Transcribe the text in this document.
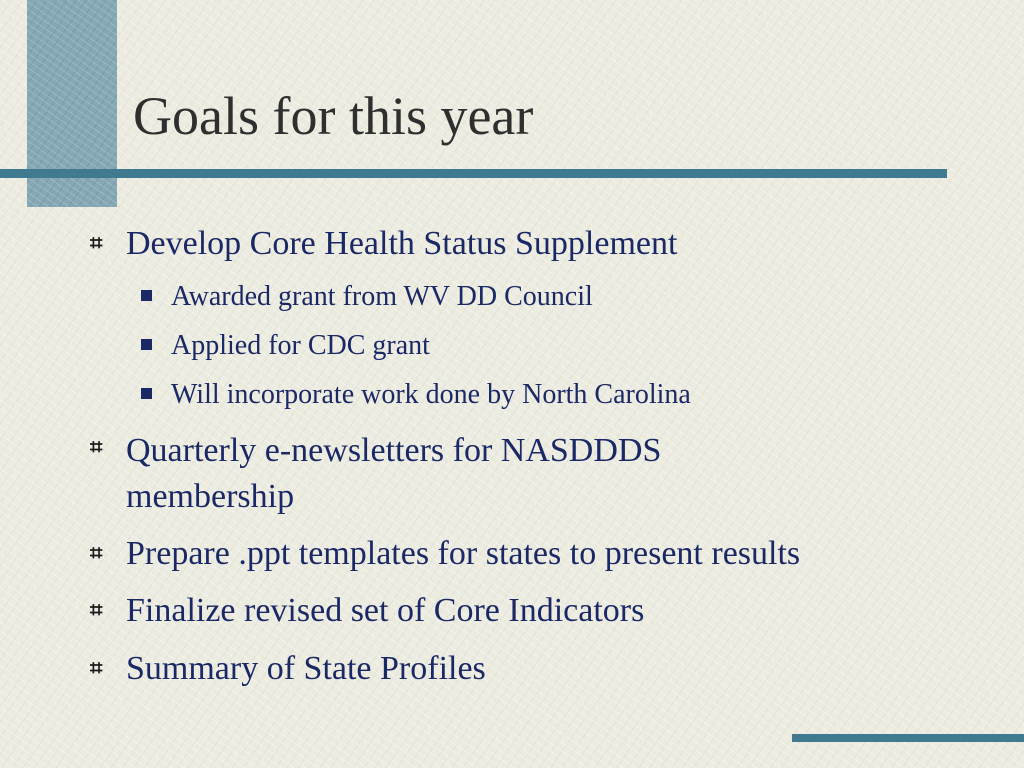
Goals for this year
⌗ Develop Core Health Status Supplement
Awarded grant from WV DD Council
Applied for CDC grant
Will incorporate work done by North Carolina
⌗ Quarterly e-newsletters for NASDDDS membership
⌗ Prepare .ppt templates for states to present results
⌗ Finalize revised set of Core Indicators
⌗ Summary of State Profiles
